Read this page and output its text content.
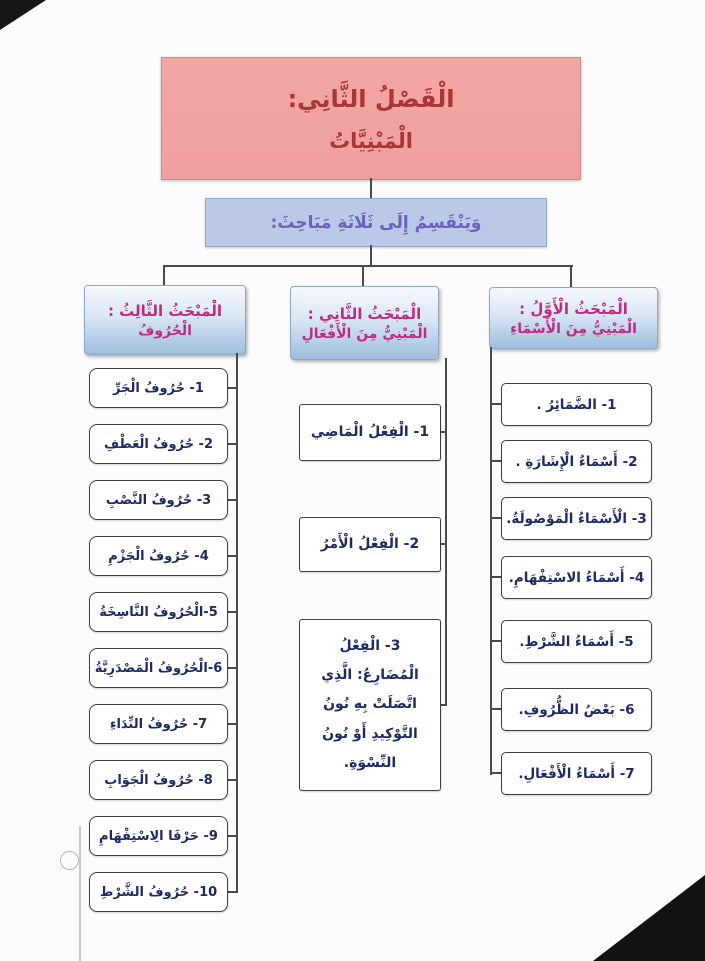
الْقَصْلُ الثَّانِي:
الْمَبْنِيَّاتُ
وَيَنْقَسِمُ إِلَى ثَلَاثَةِ مَبَاحِثَ:
الْمَبْحَثُ الْأَوَّلُ :
الْمَبْنِيُّ مِنَ الْأَسْمَاءِ
1- الضَّمَائِرُ .
2- أَسْمَاءُ الْإِشَارَةِ .
3- الْأَسْمَاءُ الْمَوْصُولَةُ.
4- أَسْمَاءُ الاسْتِفْهَامِ.
5- أَسْمَاءُ الشَّرْطِ.
6- بَعْضُ الظُّرُوفِ.
7- أَسْمَاءُ الْأَفْعَالِ.
الْمَبْحَثُ الثَّانِي :
الْمَبْنِيُّ مِنَ الْأَفْعَالِ
1- الْفِعْلُ الْمَاضِي
2- الْفِعْلُ الْأَمْرُ
3- الْفِعْلُ الْمُضَارِعُ: الَّذِي اتَّصَلَتْ بِهِ نُونُ التَّوْكِيدِ أَوْ نُونُ النِّسْوَةِ.
الْمَبْحَثُ الثَّالِثُ :
الْحُرُوفُ
1- حُرُوفُ الْجَرِّ
2- حُرُوفُ الْعَطْفِ
3- حُرُوفُ النَّصْبِ
4- حُرُوفُ الْجَزْمِ
5-الْحُرُوفُ النَّاسِخَةُ
6-الْحُرُوفُ الْمَصْدَرِيَّةُ
7- حُرُوفُ النِّدَاءِ
8- حُرُوفُ الْجَوَابِ
9- حَرْفَا الِاسْتِفْهَامِ
10- حُرُوفُ الشَّرْطِ
